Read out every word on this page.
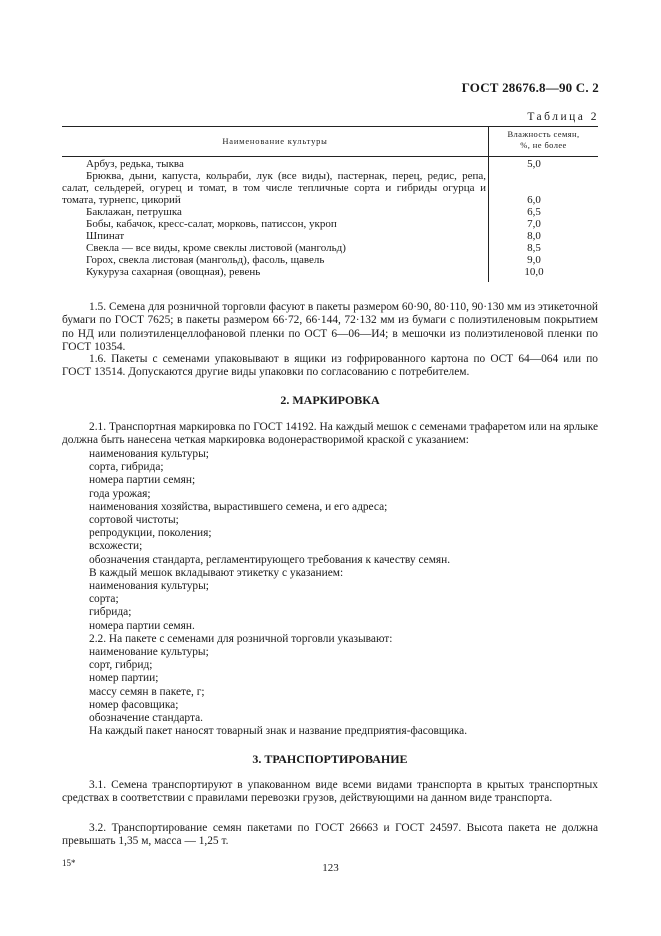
ГОСТ 28676.8—90 С. 2
Таблица 2
Наименование культуры
Влажность семян,
%, не более
Арбуз, редька, тыква	5,0
Брюква, дыни, капуста, кольраби, лук (все виды), пастернак, перец, редис, репа,
салат, сельдерей, огурец и томат, в том числе тепличные сорта и гибриды огурца и
томата, турнепс, цикорий	6,0
Баклажан, петрушка	6,5
Бобы, кабачок, кресс-салат, морковь, патиссон, укроп	7,0
Шпинат	8,0
Свекла — все виды, кроме свеклы листовой (мангольд)	8,5
Горох, свекла листовая (мангольд), фасоль, щавель	9,0
Кукуруза сахарная (овощная), ревень	10,0
1.5. Семена для розничной торговли фасуют в пакеты размером 60·90, 80·110, 90·130 мм из этикеточной бумаги по ГОСТ 7625; в пакеты размером 66·72, 66·144, 72·132 мм из бумаги с полиэтиленовым покрытием по НД или полиэтиленцеллофановой пленки по ОСТ 6—06—И4; в мешочки из полиэтиленовой пленки по ГОСТ 10354.
1.6. Пакеты с семенами упаковывают в ящики из гофрированного картона по ОСТ 64—064 или по ГОСТ 13514. Допускаются другие виды упаковки по согласованию с потребителем.
2. МАРКИРОВКА
2.1. Транспортная маркировка по ГОСТ 14192. На каждый мешок с семенами трафаретом или на ярлыке должна быть нанесена четкая маркировка водонерастворимой краской с указанием:
наименования культуры;
сорта, гибрида;
номера партии семян;
года урожая;
наименования хозяйства, вырастившего семена, и его адреса;
сортовой чистоты;
репродукции, поколения;
всхожести;
обозначения стандарта, регламентирующего требования к качеству семян.
В каждый мешок вкладывают этикетку с указанием:
наименования культуры;
сорта;
гибрида;
номера партии семян.
2.2. На пакете с семенами для розничной торговли указывают:
наименование культуры;
сорт, гибрид;
номер партии;
массу семян в пакете, г;
номер фасовщика;
обозначение стандарта.
На каждый пакет наносят товарный знак и название предприятия-фасовщика.
3. ТРАНСПОРТИРОВАНИЕ
3.1. Семена транспортируют в упакованном виде всеми видами транспорта в крытых транспортных средствах в соответствии с правилами перевозки грузов, действующими на данном виде транспорта.
3.2. Транспортирование семян пакетами по ГОСТ 26663 и ГОСТ 24597. Высота пакета не должна превышать 1,35 м, масса — 1,25 т.
15*	123
